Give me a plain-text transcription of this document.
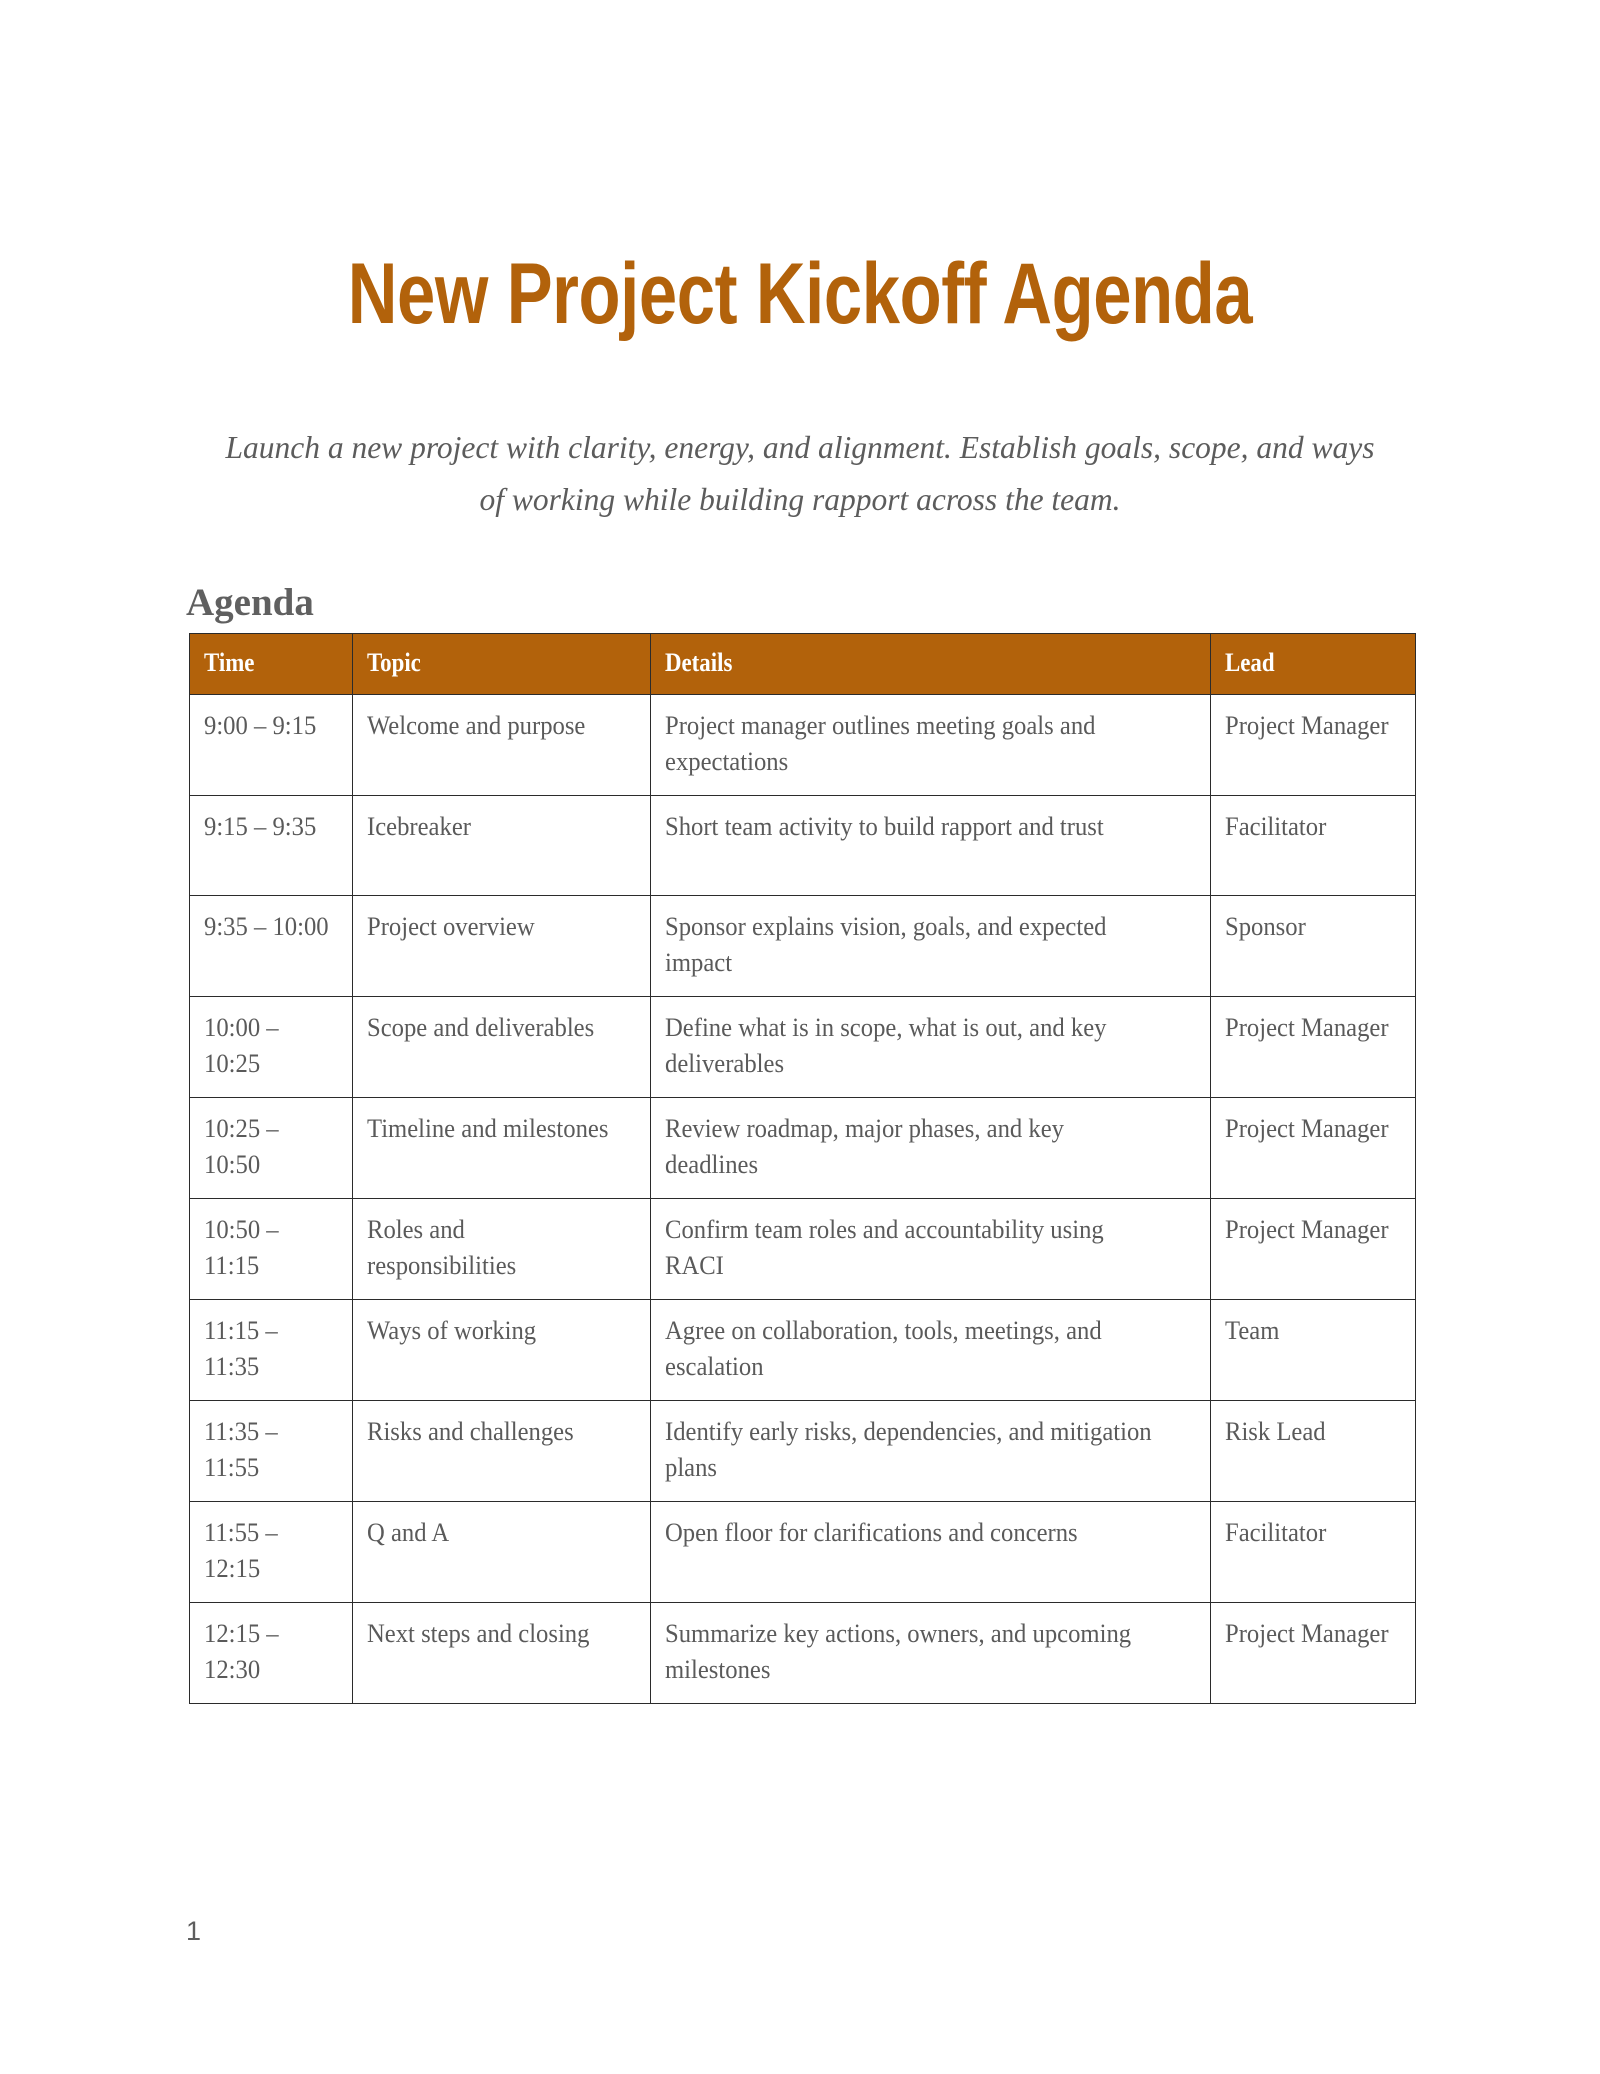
New Project Kickoff Agenda

Launch a new project with clarity, energy, and alignment. Establish goals, scope, and ways of working while building rapport across the team.

Agenda
Time	Topic	Details	Lead

9:00 – 9:15	Welcome and purpose	Project manager outlines meeting goals and expectations	Project Manager

9:15 – 9:35	Icebreaker	Short team activity to build rapport and trust	Facilitator

9:35 – 10:00	Project overview	Sponsor explains vision, goals, and expected impact	Sponsor

10:00 – 10:25	Scope and deliverables	Define what is in scope, what is out, and key deliverables	Project Manager

10:25 – 10:50	Timeline and milestones	Review roadmap, major phases, and key deadlines	Project Manager

10:50 – 11:15	Roles and responsibilities	Confirm team roles and accountability using RACI	Project Manager

11:15 – 11:35	Ways of working	Agree on collaboration, tools, meetings, and escalation	Team

11:35 – 11:55	Risks and challenges	Identify early risks, dependencies, and mitigation plans	Risk Lead

11:55 – 12:15	Q and A	Open floor for clarifications and concerns	Facilitator

12:15 – 12:30	Next steps and closing	Summarize key actions, owners, and upcoming milestones	Project Manager
1
